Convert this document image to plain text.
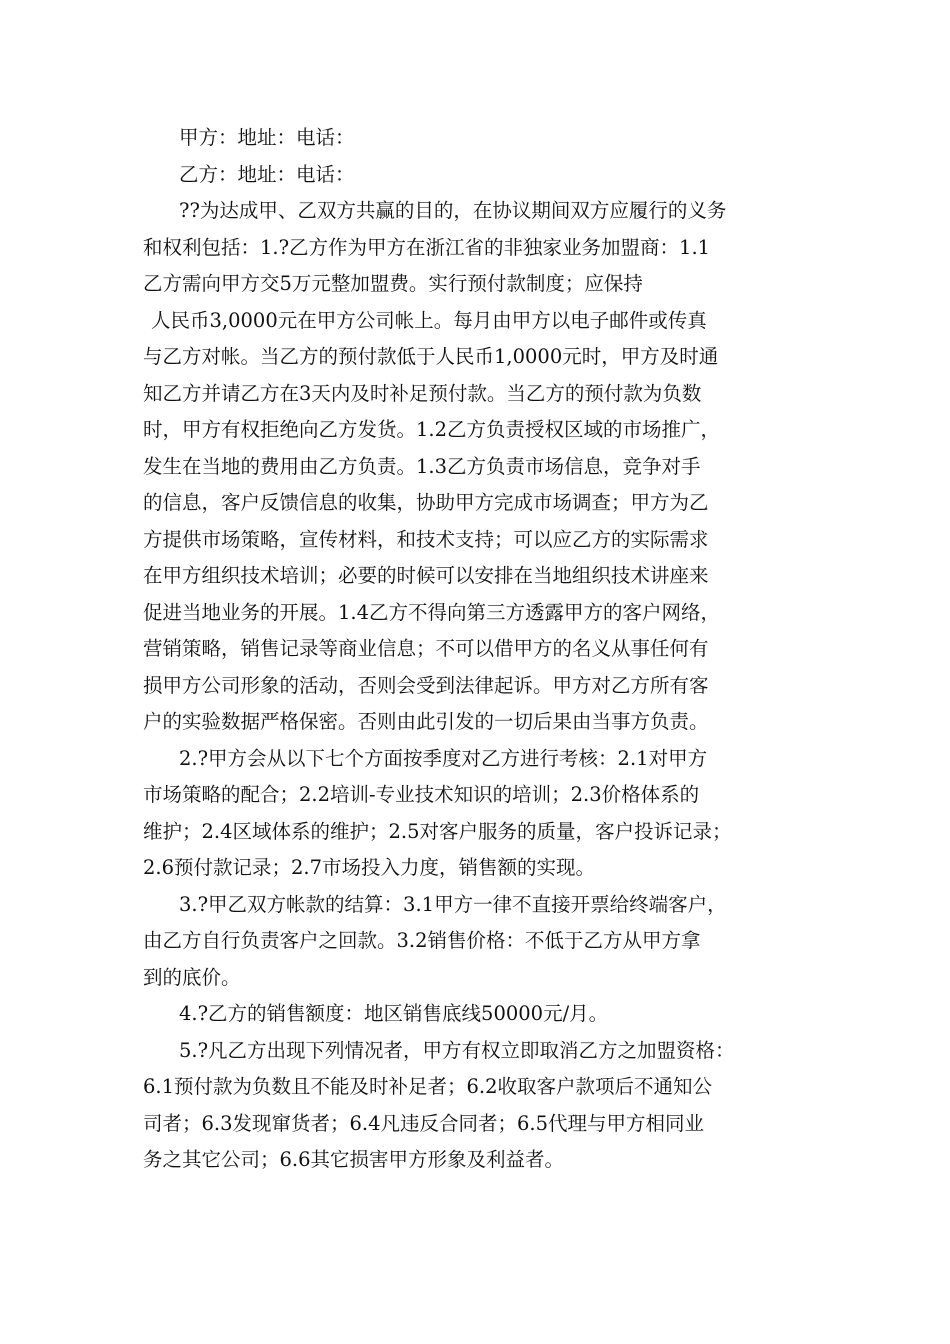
甲方：地址：电话：
乙方：地址：电话：
??为达成甲、乙双方共赢的目的，在协议期间双方应履行的义务
和权利包括：1.?乙方作为甲方在浙江省的非独家业务加盟商：1.1
乙方需向甲方交5万元整加盟费。实行预付款制度；应保持
人民币3,0000元在甲方公司帐上。每月由甲方以电子邮件或传真
与乙方对帐。当乙方的预付款低于人民币1,0000元时，甲方及时通
知乙方并请乙方在3天内及时补足预付款。当乙方的预付款为负数
时，甲方有权拒绝向乙方发货。1.2乙方负责授权区域的市场推广，
发生在当地的费用由乙方负责。1.3乙方负责市场信息，竞争对手
的信息，客户反馈信息的收集，协助甲方完成市场调查；甲方为乙
方提供市场策略，宣传材料，和技术支持；可以应乙方的实际需求
在甲方组织技术培训；必要的时候可以安排在当地组织技术讲座来
促进当地业务的开展。1.4乙方不得向第三方透露甲方的客户网络，
营销策略，销售记录等商业信息；不可以借甲方的名义从事任何有
损甲方公司形象的活动，否则会受到法律起诉。甲方对乙方所有客
户的实验数据严格保密。否则由此引发的一切后果由当事方负责。
2.?甲方会从以下七个方面按季度对乙方进行考核：2.1对甲方
市场策略的配合；2.2培训-专业技术知识的培训；2.3价格体系的
维护；2.4区域体系的维护；2.5对客户服务的质量，客户投诉记录；
2.6预付款记录；2.7市场投入力度，销售额的实现。
3.?甲乙双方帐款的结算：3.1甲方一律不直接开票给终端客户，
由乙方自行负责客户之回款。3.2销售价格：不低于乙方从甲方拿
到的底价。
4.?乙方的销售额度：地区销售底线50000元/月。
5.?凡乙方出现下列情况者，甲方有权立即取消乙方之加盟资格：
6.1预付款为负数且不能及时补足者；6.2收取客户款项后不通知公
司者；6.3发现窜货者；6.4凡违反合同者；6.5代理与甲方相同业
务之其它公司；6.6其它损害甲方形象及利益者。
